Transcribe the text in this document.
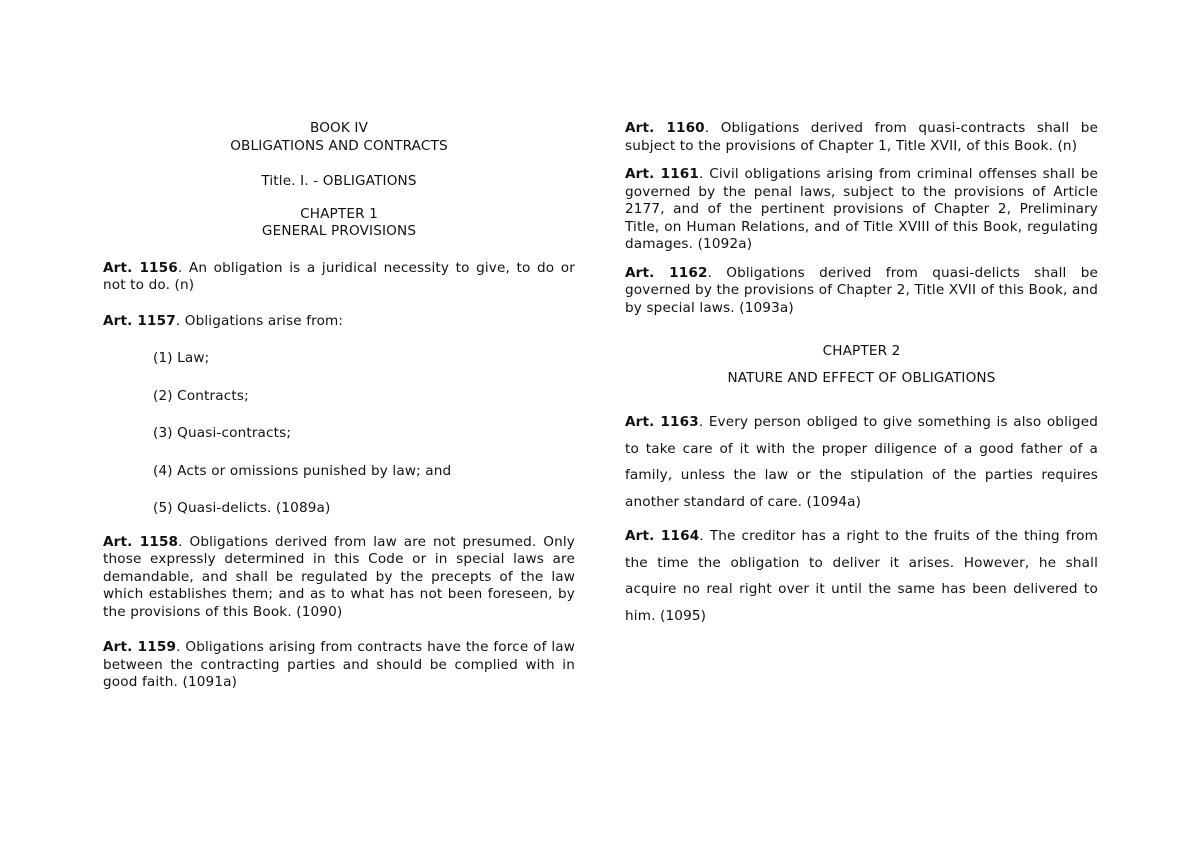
BOOK IV
OBLIGATIONS AND CONTRACTS

Title. I. - OBLIGATIONS

CHAPTER 1
GENERAL PROVISIONS

Art. 1156. An obligation is a juridical necessity to give, to do or not to do. (n)

Art. 1157. Obligations arise from:

(1) Law;

(2) Contracts;

(3) Quasi-contracts;

(4) Acts or omissions punished by law; and

(5) Quasi-delicts. (1089a)

Art. 1158. Obligations derived from law are not presumed. Only those expressly determined in this Code or in special laws are demandable, and shall be regulated by the precepts of the law which establishes them; and as to what has not been foreseen, by the provisions of this Book. (1090)

Art. 1159. Obligations arising from contracts have the force of law between the contracting parties and should be complied with in good faith. (1091a)

Art. 1160. Obligations derived from quasi-contracts shall be subject to the provisions of Chapter 1, Title XVII, of this Book. (n)

Art. 1161. Civil obligations arising from criminal offenses shall be governed by the penal laws, subject to the provisions of Article 2177, and of the pertinent provisions of Chapter 2, Preliminary Title, on Human Relations, and of Title XVIII of this Book, regulating damages. (1092a)

Art. 1162. Obligations derived from quasi-delicts shall be governed by the provisions of Chapter 2, Title XVII of this Book, and by special laws. (1093a)

CHAPTER 2

NATURE AND EFFECT OF OBLIGATIONS

Art. 1163. Every person obliged to give something is also obliged to take care of it with the proper diligence of a good father of a family, unless the law or the stipulation of the parties requires another standard of care. (1094a)

Art. 1164. The creditor has a right to the fruits of the thing from the time the obligation to deliver it arises. However, he shall acquire no real right over it until the same has been delivered to him. (1095)
